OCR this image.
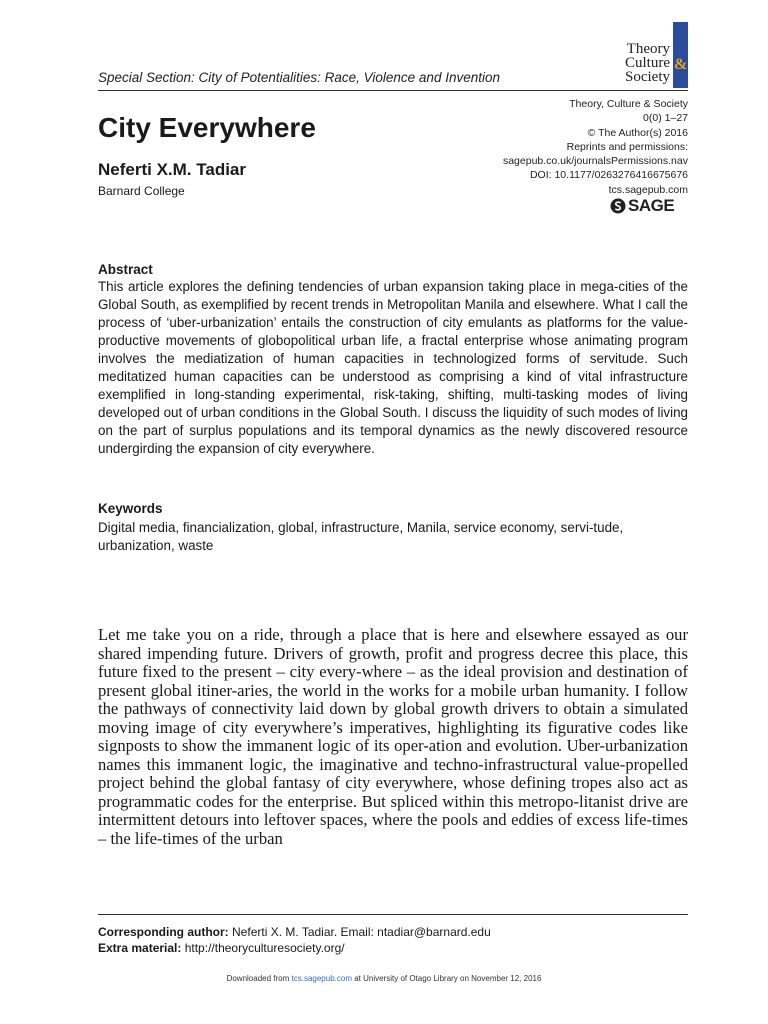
Theory
Culture
Society
&
Special Section: City of Potentialities: Race, Violence and Invention
Theory, Culture & Society
0(0) 1–27
© The Author(s) 2016
Reprints and permissions:
sagepub.co.uk/journalsPermissions.nav
DOI: 10.1177/0263276416675676
tcs.sagepub.com
SAGE
City Everywhere
Neferti X.M. Tadiar
Barnard College
Abstract

This article explores the defining tendencies of urban expansion taking place in mega-cities of the Global South, as exemplified by recent trends in Metropolitan Manila and elsewhere. What I call the process of ‘uber-urbanization’ entails the construction of city emulants as platforms for the value-productive movements of globopolitical urban life, a fractal enterprise whose animating program involves the mediatization of human capacities in technologized forms of servitude. Such meditatized human capacities can be understood as comprising a kind of vital infrastructure exemplified in long-standing experimental, risk-taking, shifting, multi-tasking modes of living developed out of urban conditions in the Global South. I discuss the liquidity of such modes of living on the part of surplus populations and its temporal dynamics as the newly discovered resource undergirding the expansion of city everywhere.

Keywords

Digital media, financialization, global, infrastructure, Manila, service economy, servi-tude, urbanization, waste

Let me take you on a ride, through a place that is here and elsewhere essayed as our shared impending future. Drivers of growth, profit and progress decree this place, this future fixed to the present – city every-where – as the ideal provision and destination of present global itiner-aries, the world in the works for a mobile urban humanity. I follow the pathways of connectivity laid down by global growth drivers to obtain a simulated moving image of city everywhere’s imperatives, highlighting its figurative codes like signposts to show the immanent logic of its oper-ation and evolution. Uber-urbanization names this immanent logic, the imaginative and techno-infrastructural value-propelled project behind the global fantasy of city everywhere, whose defining tropes also act as programmatic codes for the enterprise. But spliced within this metropo-litanist drive are intermittent detours into leftover spaces, where the pools and eddies of excess life-times – the life-times of the urban

Corresponding author: Neferti X. M. Tadiar. Email: ntadiar@barnard.edu
Extra material: http://theoryculturesociety.org/
Downloaded from tcs.sagepub.com at University of Otago Library on November 12, 2016
